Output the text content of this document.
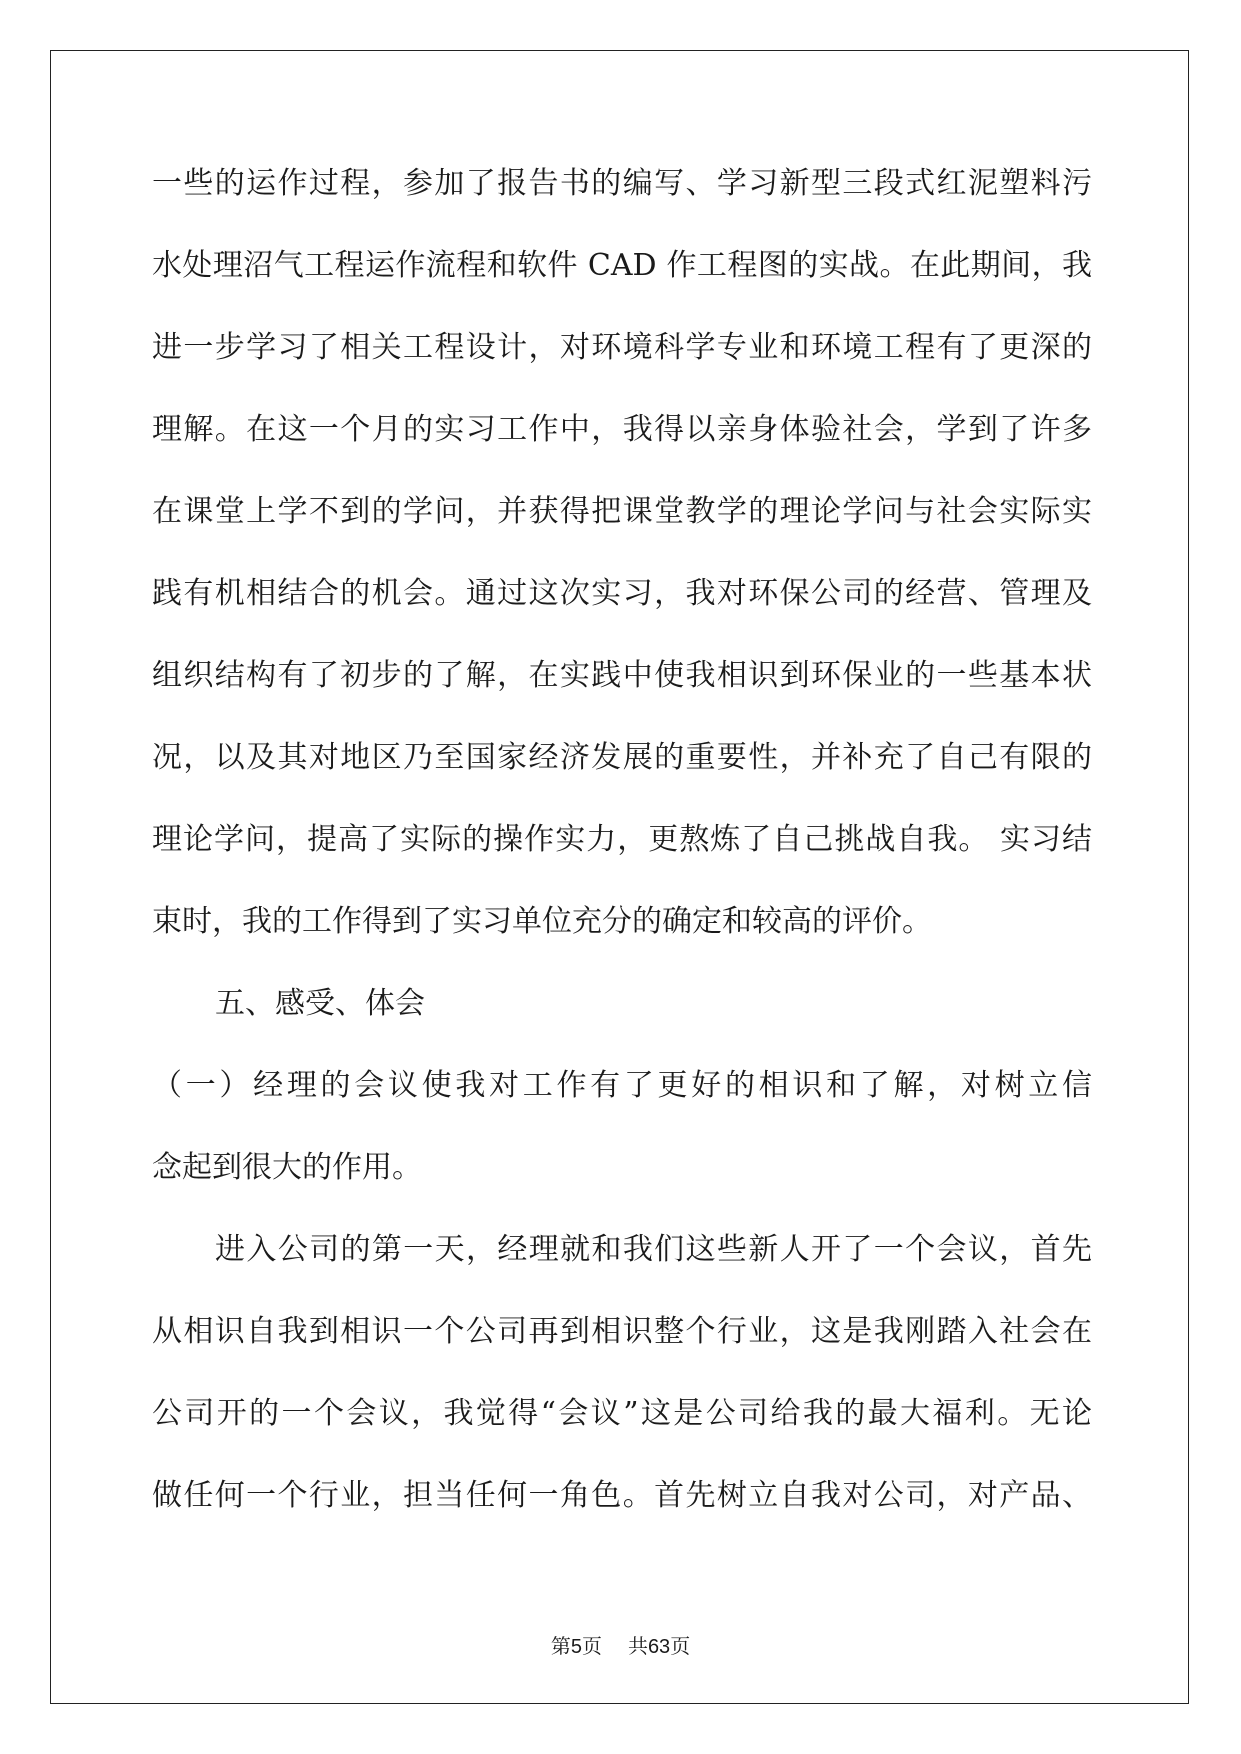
一些的运作过程，参加了报告书的编写、学习新型三段式红泥塑料污
水处理沼气工程运作流程和软件 CAD 作工程图的实战。在此期间，我
进一步学习了相关工程设计，对环境科学专业和环境工程有了更深的
理解。在这一个月的实习工作中，我得以亲身体验社会，学到了许多
在课堂上学不到的学问，并获得把课堂教学的理论学问与社会实际实
践有机相结合的机会。通过这次实习，我对环保公司的经营、管理及
组织结构有了初步的了解，在实践中使我相识到环保业的一些基本状
况，以及其对地区乃至国家经济发展的重要性，并补充了自己有限的
理论学问，提高了实际的操作实力，更熬炼了自己挑战自我。 实习结
束时，我的工作得到了实习单位充分的确定和较高的评价。
五、感受、体会
（一）经理的会议使我对工作有了更好的相识和了解，对树立信
念起到很大的作用。
进入公司的第一天，经理就和我们这些新人开了一个会议，首先
从相识自我到相识一个公司再到相识整个行业，这是我刚踏入社会在
公司开的一个会议，我觉得“会议”这是公司给我的最大福利。无论
做任何一个行业，担当任何一角色。首先树立自我对公司，对产品、
第5页 共63页
